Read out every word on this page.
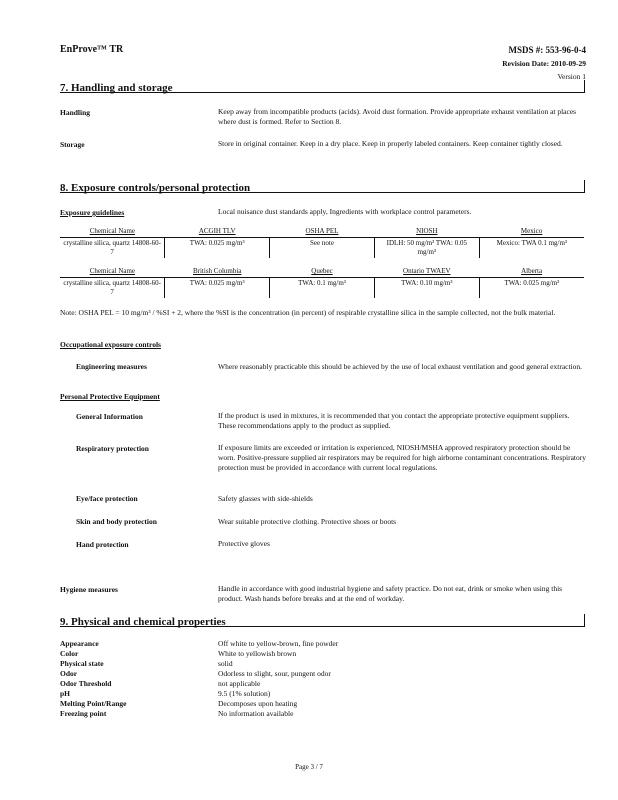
EnProve™ TR	MSDS #: 553-96-0-4
Revision Date: 2010-09-29
Version 1
7. Handling and storage
Handling	Keep away from incompatible products (acids). Avoid dust formation. Provide appropriate exhaust ventilation at places where dust is formed. Refer to Section 8.
Storage	Store in original container. Keep in a dry place. Keep in properly labeled containers. Keep container tightly closed.
8. Exposure controls/personal protection
Exposure guidelines	Local nuisance dust standards apply, Ingredients with workplace control parameters.
Chemical Name	ACGIH TLV	OSHA PEL	NIOSH	Mexico
crystalline silica, quartz 14808-60-7	TWA: 0.025 mg/m³	See note	IDLH: 50 mg/m³ TWA: 0.05 mg/m³	Mexico: TWA 0.1 mg/m³
Chemical Name	British Columbia	Quebec	Ontario TWAEV	Alberta
crystalline silica, quartz 14808-60-7	TWA: 0.025 mg/m³	TWA: 0.1 mg/m³	TWA: 0.10 mg/m³	TWA: 0.025 mg/m³
Note: OSHA PEL = 10 mg/m³ / %SI + 2, where the %SI is the concentration (in percent) of respirable crystalline silica in the sample collected, not the bulk material.
Occupational exposure controls
Engineering measures	Where reasonably practicable this should be achieved by the use of local exhaust ventilation and good general extraction.
Personal Protective Equipment
General Information	If the product is used in mixtures, it is recommended that you contact the appropriate protective equipment suppliers. These recommendations apply to the product as supplied.
Respiratory protection	If exposure limits are exceeded or irritation is experienced, NIOSH/MSHA approved respiratory protection should be worn. Positive-pressure supplied air respirators may be required for high airborne contaminant concentrations. Respiratory protection must be provided in accordance with current local regulations.
Eye/face protection	Safety glasses with side-shields
Skin and body protection	Wear suitable protective clothing. Protective shoes or boots
Hand protection	Protective gloves
Hygiene measures	Handle in accordance with good industrial hygiene and safety practice. Do not eat, drink or smoke when using this product. Wash hands before breaks and at the end of workday.
9. Physical and chemical properties
Appearance	Off white to yellow-brown, fine powder
Color	White to yellowish brown
Physical state	solid
Odor	Odorless to slight, sour, pungent odor
Odor Threshold	not applicable
pH	9.5 (1% solution)
Melting Point/Range	Decomposes upon heating
Freezing point	No information available
Page 3 / 7
